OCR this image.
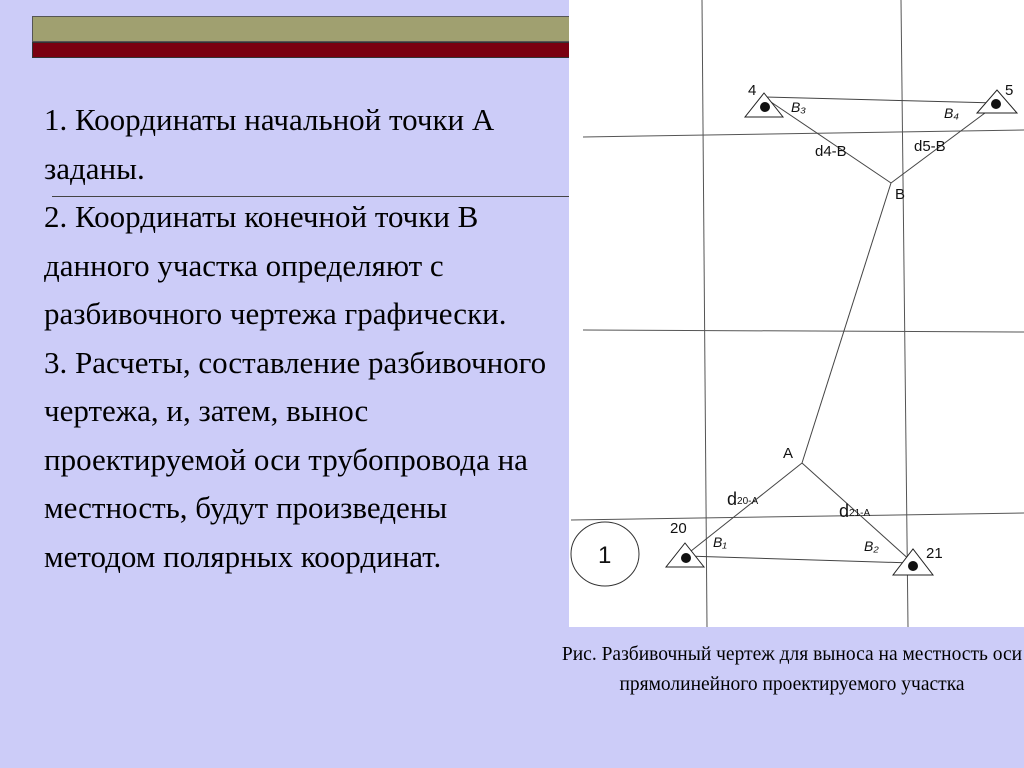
1. Координаты начальной точки А заданы.

2. Координаты конечной точки В данного участка определяют с разбивочного чертежа графически.

3. Расчеты, составление разбивочного чертежа, и, затем, вынос проектируемой оси трубопровода на местность, будут произведены методом полярных координат.

4	5
В₃	В₄
d4-B	d5-B
В
А
d20-A	d21-A
20
21
В₁	В₂
1
Рис. Разбивочный чертеж для выноса на местность оси прямолинейного проектируемого участка
